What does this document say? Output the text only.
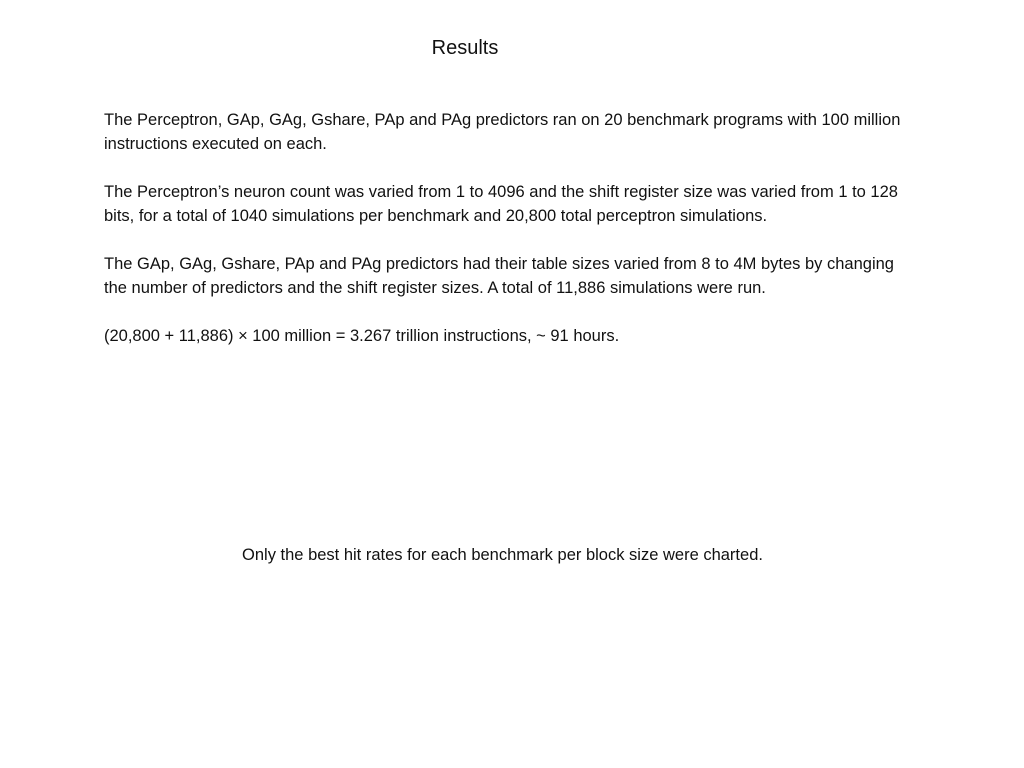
Results

The Perceptron, GAp, GAg, Gshare, PAp and PAg predictors ran on 20 benchmark programs with 100 million instructions executed on each.

The Perceptron’s neuron count was varied from 1 to 4096 and the shift register size was varied from 1 to 128 bits, for a total of 1040 simulations per benchmark and 20,800 total perceptron simulations.

The GAp, GAg, Gshare, PAp and PAg predictors had their table sizes varied from 8 to 4M bytes by changing the number of predictors and the shift register sizes. A total of 11,886 simulations were run.

(20,800 + 11,886) × 100 million = 3.267 trillion instructions, ~ 91 hours.

Only the best hit rates for each benchmark per block size were charted.
